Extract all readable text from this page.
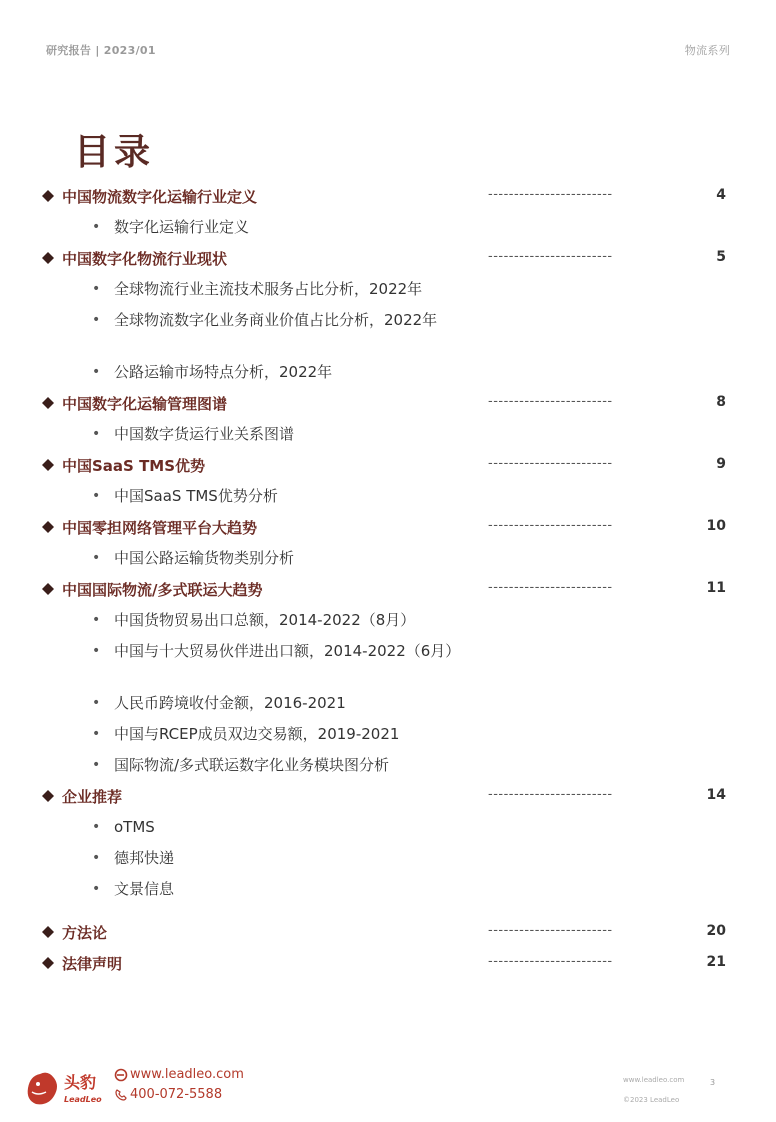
研究报告 | 2023/01	物流系列
目录
中国物流数字化运输行业定义	------------------------	4
• 数字化运输行业定义
中国数字化物流行业现状	------------------------	5
• 全球物流行业主流技术服务占比分析，2022年
• 全球物流数字化业务商业价值占比分析，2022年
• 公路运输市场特点分析，2022年
中国数字化运输管理图谱	------------------------	8
• 中国数字货运行业关系图谱
中国SaaS TMS优势	------------------------	9
• 中国SaaS TMS优势分析
中国零担网络管理平台大趋势	------------------------	10
• 中国公路运输货物类别分析
中国国际物流/多式联运大趋势	------------------------	11
• 中国货物贸易出口总额，2014-2022（8月）
• 中国与十大贸易伙伴进出口额，2014-2022（6月）
• 人民币跨境收付金额，2016-2021
• 中国与RCEP成员双边交易额，2019-2021
• 国际物流/多式联运数字化业务模块图分析
企业推荐	------------------------	14
• oTMS
• 德邦快递
• 文景信息
方法论	------------------------	20
法律声明	------------------------	21
头豹
LeadLeo
www.leadleo.com
400-072-5588
www.leadleo.com
©2023 LeadLeo
3
